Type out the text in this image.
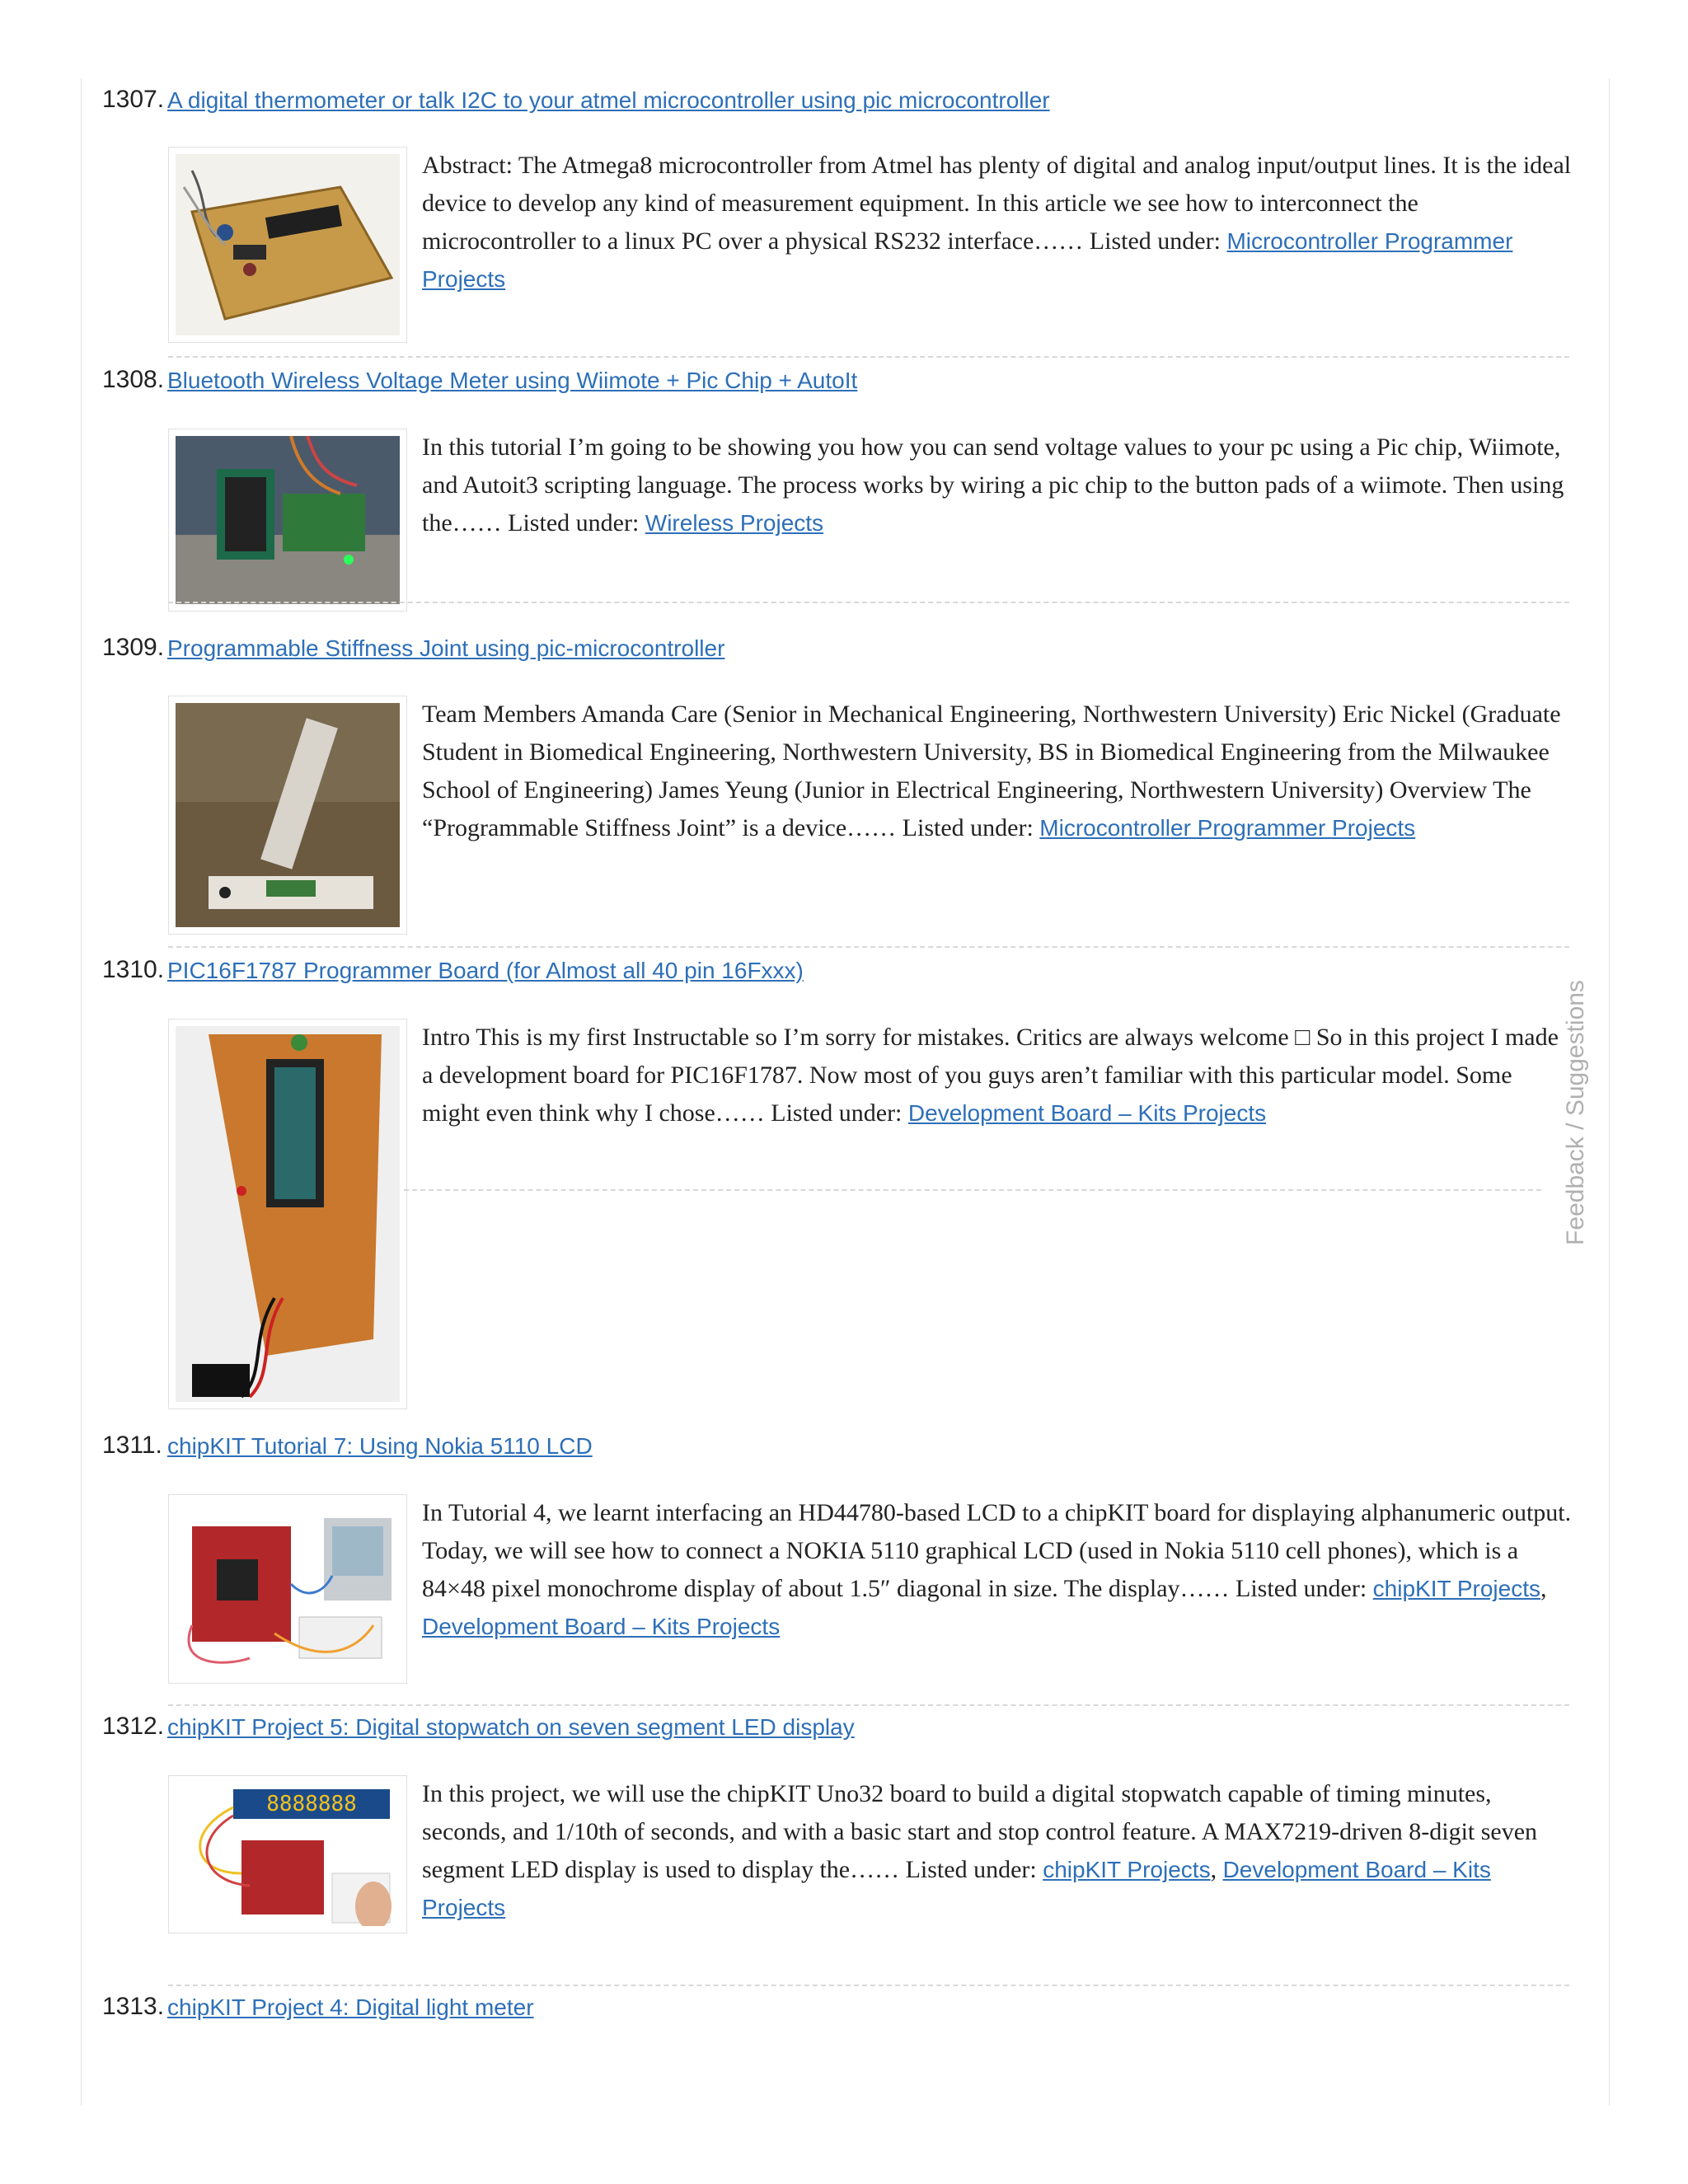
1307. A digital thermometer or talk I2C to your atmel microcontroller using pic microcontroller
Abstract: The Atmega8 microcontroller from Atmel has plenty of digital and analog input/output lines. It is the ideal device to develop any kind of measurement equipment. In this article we see how to interconnect the microcontroller to a linux PC over a physical RS232 interface…… Listed under: Microcontroller Programmer Projects
1308. Bluetooth Wireless Voltage Meter using Wiimote + Pic Chip + AutoIt
In this tutorial I’m going to be showing you how you can send voltage values to your pc using a Pic chip, Wiimote, and Autoit3 scripting language. The process works by wiring a pic chip to the button pads of a wiimote. Then using the…… Listed under: Wireless Projects
1309. Programmable Stiffness Joint using pic-microcontroller
Team Members Amanda Care (Senior in Mechanical Engineering, Northwestern University) Eric Nickel (Graduate Student in Biomedical Engineering, Northwestern University, BS in Biomedical Engineering from the Milwaukee School of Engineering) James Yeung (Junior in Electrical Engineering, Northwestern University) Overview The “Programmable Stiffness Joint” is a device…… Listed under: Microcontroller Programmer Projects
1310. PIC16F1787 Programmer Board (for Almost all 40 pin 16Fxxx)
Intro This is my first Instructable so I’m sorry for mistakes. Critics are always welcome □ So in this project I made a development board for PIC16F1787. Now most of you guys aren’t familiar with this particular model. Some might even think why I chose…… Listed under: Development Board – Kits Projects
1311. chipKIT Tutorial 7: Using Nokia 5110 LCD
In Tutorial 4, we learnt interfacing an HD44780-based LCD to a chipKIT board for displaying alphanumeric output. Today, we will see how to connect a NOKIA 5110 graphical LCD (used in Nokia 5110 cell phones), which is a 84×48 pixel monochrome display of about 1.5″ diagonal in size. The display…… Listed under: chipKIT Projects, Development Board – Kits Projects
1312. chipKIT Project 5: Digital stopwatch on seven segment LED display
8888888	In this project, we will use the chipKIT Uno32 board to build a digital stopwatch capable of timing minutes, seconds, and 1/10th of seconds, and with a basic start and stop control feature. A MAX7219-driven 8-digit seven segment LED display is used to display the…… Listed under: chipKIT Projects, Development Board – Kits Projects
1313. chipKIT Project 4: Digital light meter
Feedback / Suggestions
